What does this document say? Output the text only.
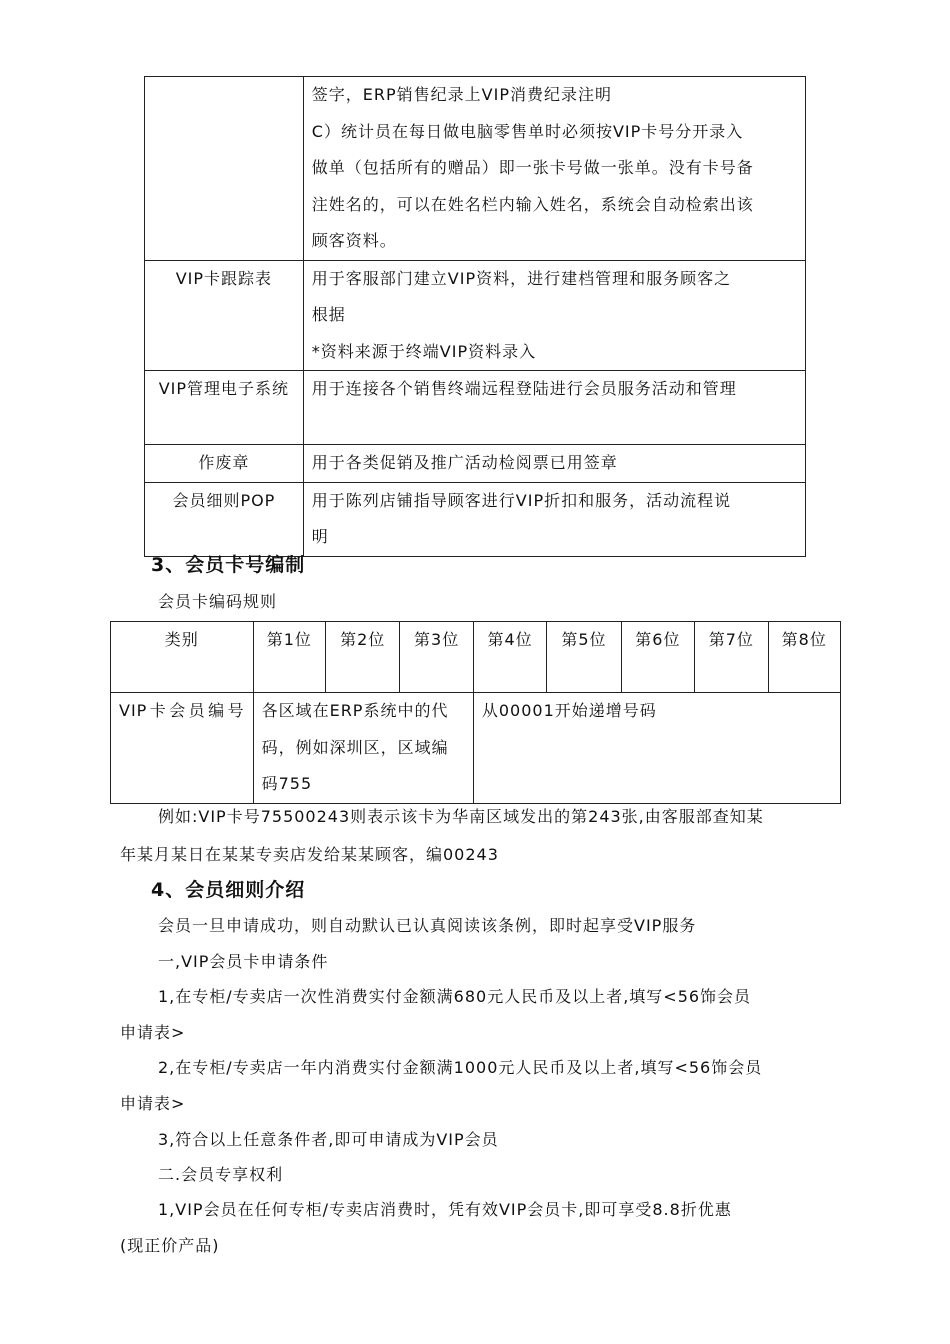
	签字，ERP销售纪录上VIP消费纪录注明

C）统计员在每日做电脑零售单时必须按VIP卡号分开录入

做单（包括所有的赠品）即一张卡号做一张单。没有卡号备

注姓名的，可以在姓名栏内输入姓名，系统会自动检索出该

顾客资料。

VIP卡跟踪表	用于客服部门建立VIP资料，进行建档管理和服务顾客之

根据

*资料来源于终端VIP资料录入

VIP管理电子系统	用于连接各个销售终端远程登陆进行会员服务活动和管理

作废章	用于各类促销及推广活动检阅票已用签章

会员细则POP	用于陈列店铺指导顾客进行VIP折扣和服务，活动流程说

明

3、会员卡号编制
会员卡编码规则
类别	第1位	第2位	第3位	第4位	第5位	第6位	第7位	第8位
VIP卡会员编号	各区域在ERP系统中的代码，例如深圳区，区域编码755			从00001开始递增号码				
例如:VIP卡号75500243则表示该卡为华南区域发出的第243张,由客服部查知某
年某月某日在某某专卖店发给某某顾客，编00243
4、会员细则介绍
会员一旦申请成功，则自动默认已认真阅读该条例，即时起享受VIP服务
一,VIP会员卡申请条件
1,在专柜/专卖店一次性消费实付金额满680元人民币及以上者,填写<56饰会员
申请表>
2,在专柜/专卖店一年内消费实付金额满1000元人民币及以上者,填写<56饰会员
申请表>
3,符合以上任意条件者,即可申请成为VIP会员
二.会员专享权利
1,VIP会员在任何专柜/专卖店消费时，凭有效VIP会员卡,即可享受8.8折优惠
(现正价产品)
